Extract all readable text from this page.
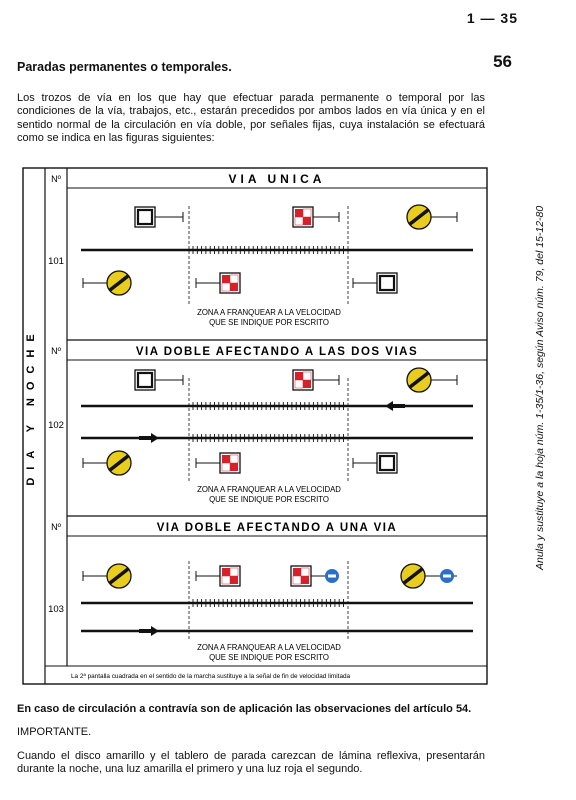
1 — 35
56
Paradas permanentes o temporales.
Los trozos de vía en los que hay que efectuar parada permanente o temporal por las condiciones de la vía, trabajos, etc., estarán precedidos por ambos lados en vía única y en el sentido normal de la circulación en vía doble, por señales fijas, cuya instalación se efectuará como se indica en las figuras siguientes:
Anula y sustituye a la hoja núm. 1-35/1-36, según Aviso núm. 79, del 15-12-80
DIA Y NOCHE
Nº	VIA UNICA
101
ZONA A FRANQUEAR A LA VELOCIDAD
QUE SE INDIQUE POR ESCRITO
Nº	VIA DOBLE AFECTANDO A LAS DOS VIAS
102
ZONA A FRANQUEAR A LA VELOCIDAD
QUE SE INDIQUE POR ESCRITO
Nº	VIA DOBLE AFECTANDO A UNA VIA
103
ZONA A FRANQUEAR A LA VELOCIDAD
QUE SE INDIQUE POR ESCRITO
La 2ª pantalla cuadrada en el sentido de la marcha sustituye a la señal de fin de velocidad limitada

En caso de circulación a contravía son de aplicación las observaciones del artículo 54.

IMPORTANTE.

Cuando el disco amarillo y el tablero de parada carezcan de lámina reflexiva, presentarán durante la noche, una luz amarilla el primero y una luz roja el segundo.
